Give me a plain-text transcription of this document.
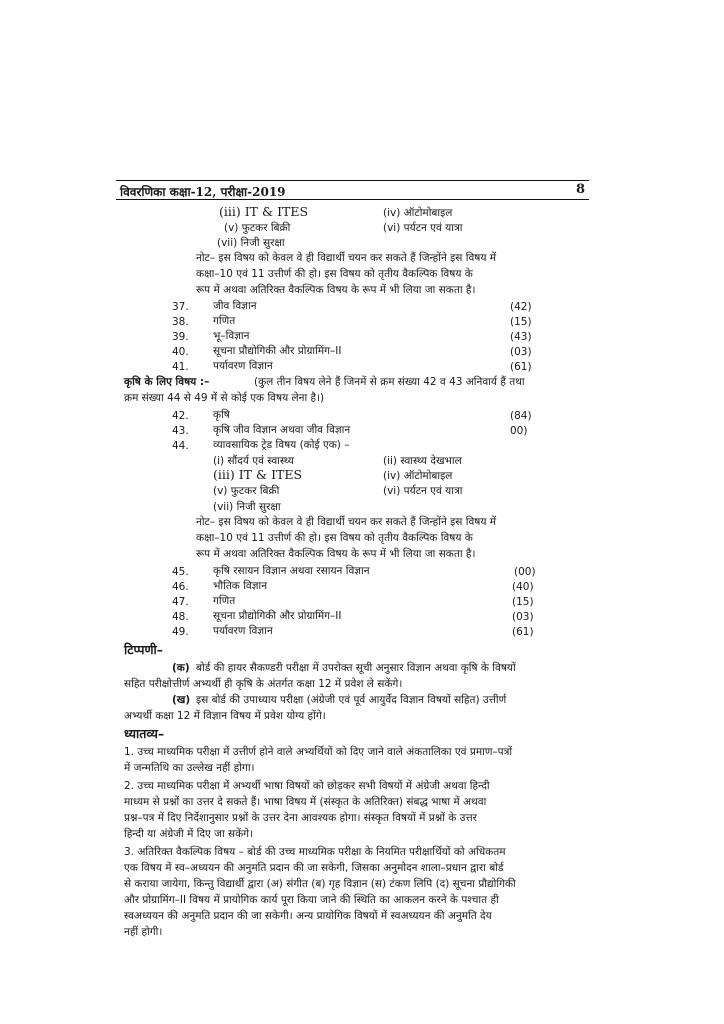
विवरणिका कक्षा-12, परीक्षा-2019	8
(iii) IT & ITES	(iv) ऑटोमोबाइल
(v) फुटकर बिक्री	(vi) पर्यटन एवं यात्रा
(vii) निजी सुरक्षा
नोट– इस विषय को केवल वे ही विद्यार्थी चयन कर सकते हैं जिन्होंने इस विषय में
कक्षा–10 एवं 11 उत्तीर्ण की हो। इस विषय को तृतीय वैकल्पिक विषय के
रूप में अथवा अतिरिक्त वैकल्पिक विषय के रूप में भी लिया जा सकता है।
37. जीव विज्ञान	(42)
38. गणित	(15)
39. भू–विज्ञान	(43)
40. सूचना प्रौद्योगिकी और प्रोग्रामिंग–II	(03)
41. पर्यावरण विज्ञान	(61)
कृषि के लिए विषय :–	(कुल तीन विषय लेने हैं जिनमें से क्रम संख्या 42 व 43 अनिवार्य हैं तथा
क्रम संख्या 44 से 49 में से कोई एक विषय लेना है।)
42. कृषि	(84)
43. कृषि जीव विज्ञान अथवा जीव विज्ञान	00)
44. व्यावसायिक ट्रेड विषय (कोई एक) –
(i) सौंदर्य एवं स्वास्थ्य	(ii) स्वास्थ्य देखभाल
(iii) IT & ITES	(iv) ऑटोमोबाइल
(v) फुटकर बिक्री	(vi) पर्यटन एवं यात्रा
(vii) निजी सुरक्षा
नोट– इस विषय को केवल वे ही विद्यार्थी चयन कर सकते हैं जिन्होंने इस विषय में
कक्षा–10 एवं 11 उत्तीर्ण की हो। इस विषय को तृतीय वैकल्पिक विषय के
रूप में अथवा अतिरिक्त वैकल्पिक विषय के रूप में भी लिया जा सकता है।
45. कृषि रसायन विज्ञान अथवा रसायन विज्ञान	(00)
46. भौतिक विज्ञान	(40)
47. गणित	(15)
48. सूचना प्रौद्योगिकी और प्रोग्रामिंग–II	(03)
49. पर्यावरण विज्ञान	(61)
टिप्पणी–
(क) बोर्ड की हायर सैकण्डरी परीक्षा में उपरोक्त सूची अनुसार विज्ञान अथवा कृषि के विषयों
सहित परीक्षोत्तीर्ण अभ्यर्थी ही कृषि के अंतर्गत कक्षा 12 में प्रवेश ले सकेंगे।
(ख) इस बोर्ड की उपाध्याय परीक्षा (अंग्रेजी एवं पूर्व आयुर्वेद विज्ञान विषयों सहित) उत्तीर्ण
अभ्यर्थी कक्षा 12 में विज्ञान विषय में प्रवेश योग्य होंगे।
ध्यातव्य–
1. उच्च माध्यमिक परीक्षा में उत्तीर्ण होने वाले अभ्यर्थियों को दिए जाने वाले अंकतालिका एवं प्रमाण–पत्रों
में जन्मतिथि का उल्लेख नहीं होगा।
2. उच्च माध्यमिक परीक्षा में अभ्यर्थी भाषा विषयों को छोड़कर सभी विषयों में अंग्रेजी अथवा हिन्दी
माध्यम से प्रश्नों का उत्तर दे सकते हैं। भाषा विषय में (संस्कृत के अतिरिक्त) संबद्ध भाषा में अथवा
प्रश्न–पत्र में दिए निर्देशानुसार प्रश्नों के उत्तर देना आवश्यक होगा। संस्कृत विषयों में प्रश्नों के उत्तर
हिन्दी या अंग्रेजी में दिए जा सकेंगे।
3. अतिरिक्त वैकल्पिक विषय – बोर्ड की उच्च माध्यमिक परीक्षा के नियमित परीक्षार्थियों को अधिकतम
एक विषय में स्व–अध्ययन की अनुमति प्रदान की जा सकेगी, जिसका अनुमोदन शाला–प्रधान द्वारा बोर्ड
से कराया जायेगा, किन्तु विद्यार्थी द्वारा (अ) संगीत (ब) गृह विज्ञान (स) टंकण लिपि (द) सूचना प्रौद्योगिकी
और प्रोग्रामिंग–II विषय में प्रायोगिक कार्य पूरा किया जाने की स्थिति का आकलन करने के पश्चात ही
स्वअध्ययन की अनुमति प्रदान की जा सकेगी। अन्य प्रायोगिक विषयों में स्वअध्ययन की अनुमति देय
नहीं होगी।
